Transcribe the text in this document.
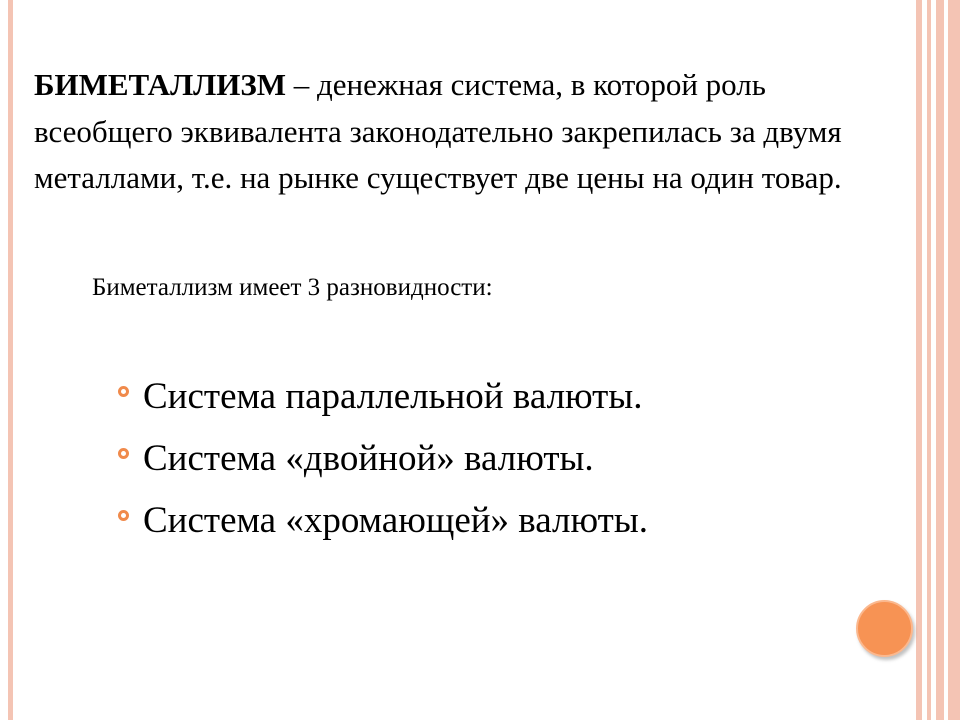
БИМЕТАЛЛИЗМ – денежная система, в которой роль всеобщего эквивалента законодательно закрепилась за двумя металлами, т.е. на рынке существует две цены на один товар.
Биметаллизм имеет 3 разновидности:
Система параллельной валюты.
Система «двойной» валюты.
Система «хромающей» валюты.
